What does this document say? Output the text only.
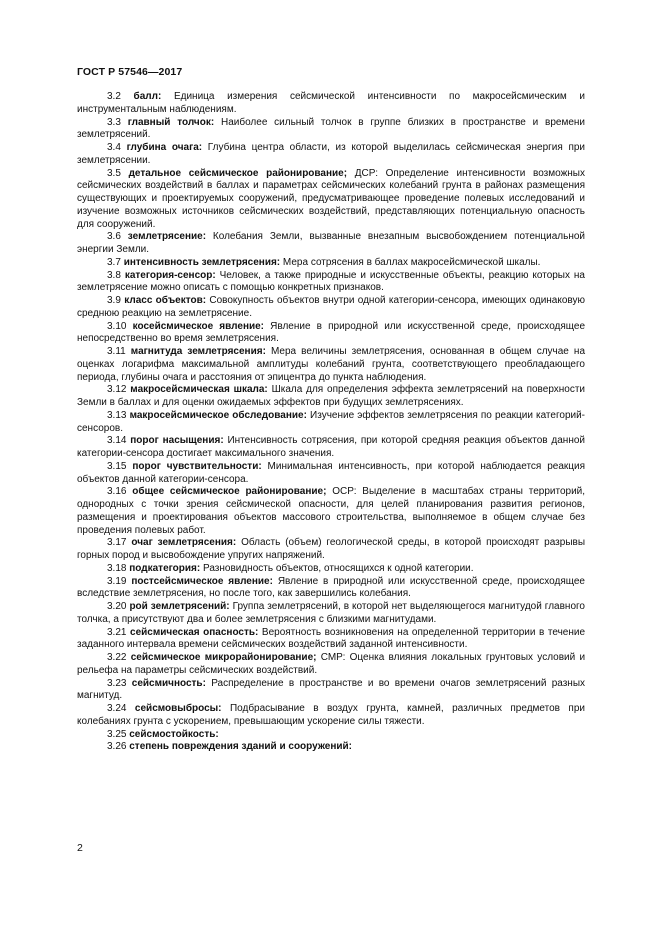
ГОСТ Р 57546—2017

3.2 балл: Единица измерения сейсмической интенсивности по макросейсмическим и инструментальным наблюдениям.

3.3 главный толчок: Наиболее сильный толчок в группе близких в пространстве и времени землетрясений.

3.4 глубина очага: Глубина центра области, из которой выделилась сейсмическая энергия при землетрясении.

3.5 детальное сейсмическое районирование; ДСР: Определение интенсивности возможных сейсмических воздействий в баллах и параметрах сейсмических колебаний грунта в районах размещения существующих и проектируемых сооружений, предусматривающее проведение полевых исследований и изучение возможных источников сейсмических воздействий, представляющих потенциальную опасность для сооружений.

3.6 землетрясение: Колебания Земли, вызванные внезапным высвобождением потенциальной энергии Земли.

3.7 интенсивность землетрясения: Мера сотрясения в баллах макросейсмической шкалы.

3.8 категория-сенсор: Человек, а также природные и искусственные объекты, реакцию которых на землетрясение можно описать с помощью конкретных признаков.

3.9 класс объектов: Совокупность объектов внутри одной категории-сенсора, имеющих одинаковую среднюю реакцию на землетрясение.

3.10 косейсмическое явление: Явление в природной или искусственной среде, происходящее непосредственно во время землетрясения.

3.11 магнитуда землетрясения: Мера величины землетрясения, основанная в общем случае на оценках логарифма максимальной амплитуды колебаний грунта, соответствующего преобладающего периода, глубины очага и расстояния от эпицентра до пункта наблюдения.

3.12 макросейсмическая шкала: Шкала для определения эффекта землетрясений на поверхности Земли в баллах и для оценки ожидаемых эффектов при будущих землетрясениях.

3.13 макросейсмическое обследование: Изучение эффектов землетрясения по реакции категорий-сенсоров.

3.14 порог насыщения: Интенсивность сотрясения, при которой средняя реакция объектов данной категории-сенсора достигает максимального значения.

3.15 порог чувствительности: Минимальная интенсивность, при которой наблюдается реакция объектов данной категории-сенсора.

3.16 общее сейсмическое районирование; ОСР: Выделение в масштабах страны территорий, однородных с точки зрения сейсмической опасности, для целей планирования развития регионов, размещения и проектирования объектов массового строительства, выполняемое в общем случае без проведения полевых работ.

3.17 очаг землетрясения: Область (объем) геологической среды, в которой происходят разрывы горных пород и высвобождение упругих напряжений.

3.18 подкатегория: Разновидность объектов, относящихся к одной категории.

3.19 постсейсмическое явление: Явление в природной или искусственной среде, происходящее вследствие землетрясения, но после того, как завершились колебания.

3.20 рой землетрясений: Группа землетрясений, в которой нет выделяющегося магнитудой главного толчка, а присутствуют два и более землетрясения с близкими магнитудами.

3.21 сейсмическая опасность: Вероятность возникновения на определенной территории в течение заданного интервала времени сейсмических воздействий заданной интенсивности.

3.22 сейсмическое микрорайонирование; СМР: Оценка влияния локальных грунтовых условий и рельефа на параметры сейсмических воздействий.

3.23 сейсмичность: Распределение в пространстве и во времени очагов землетрясений разных магнитуд.

3.24 сейсмовыбросы: Подбрасывание в воздух грунта, камней, различных предметов при колебаниях грунта с ускорением, превышающим ускорение силы тяжести.

3.25 сейсмостойкость:

3.26 степень повреждения зданий и сооружений:

2
